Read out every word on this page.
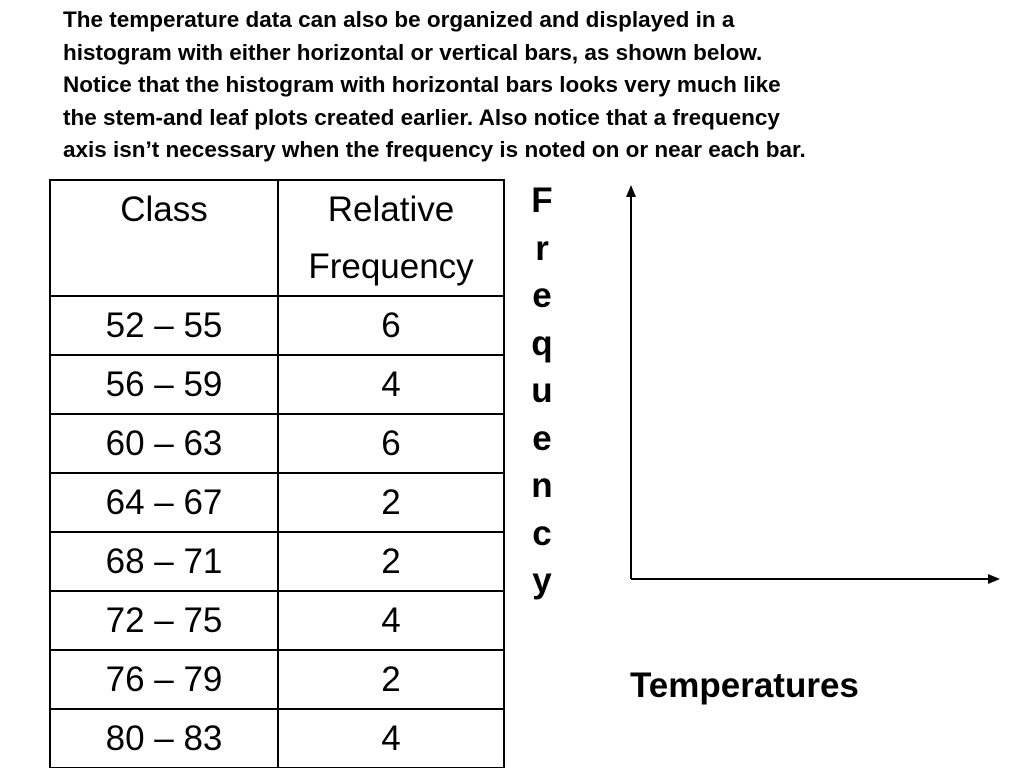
The temperature data can also be organized and displayed in a
histogram with either horizontal or vertical bars, as shown below.
Notice that the histogram with horizontal bars looks very much like
the stem-and leaf plots created earlier. Also notice that a frequency
axis isn’t necessary when the frequency is noted on or near each bar.

Class	Relative
Frequency
52 – 55	6
56 – 59	4
60 – 63	6
64 – 67	2
68 – 71	2
72 – 75	4
76 – 79	2
80 – 83	4
F
r
e
q
u
e
n
c
y
Temperatures
